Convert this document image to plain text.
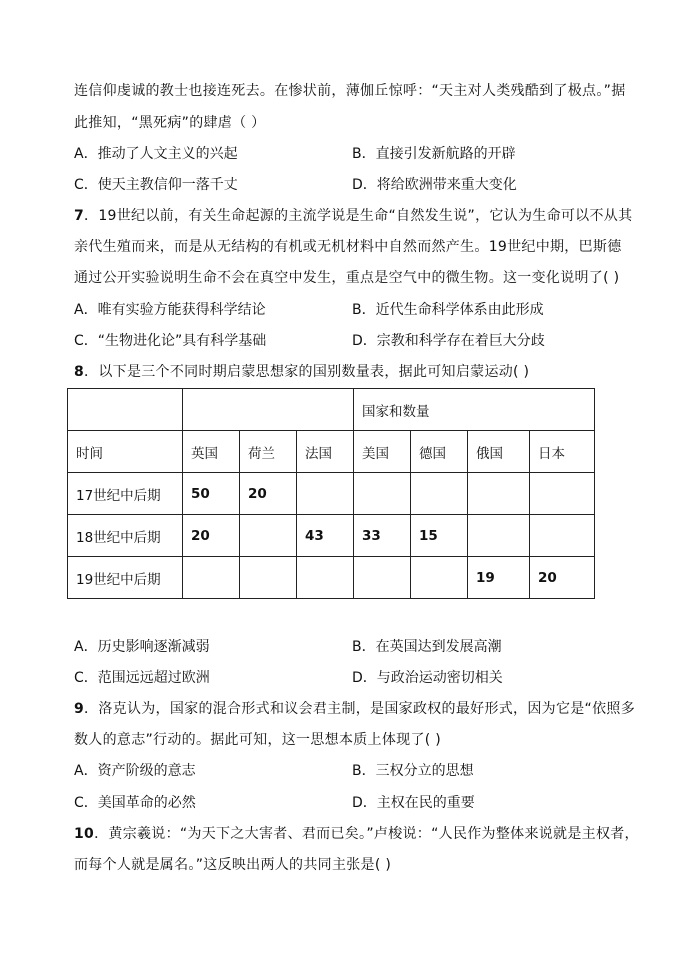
连信仰虔诚的教士也接连死去。在惨状前，薄伽丘惊呼：“天主对人类残酷到了极点。”据
此推知，“黑死病”的肆虐（ ）
A．推动了人文主义的兴起	B．直接引发新航路的开辟
C．使天主教信仰一落千丈	D．将给欧洲带来重大变化
7．19世纪以前，有关生命起源的主流学说是生命“自然发生说”，它认为生命可以不从其
亲代生殖而来，而是从无结构的有机或无机材料中自然而然产生。19世纪中期，巴斯德
通过公开实验说明生命不会在真空中发生，重点是空气中的微生物。这一变化说明了( )
A．唯有实验方能获得科学结论	B．近代生命科学体系由此形成
C．“生物进化论”具有科学基础	D．宗教和科学存在着巨大分歧
8．以下是三个不同时期启蒙思想家的国别数量表，据此可知启蒙运动( )
				国家和数量			
时间	英国	荷兰	法国	美国	德国	俄国	日本
17世纪中后期	50	20					
18世纪中后期	20		43	33	15		
19世纪中后期						19	20
A．历史影响逐渐减弱	B．在英国达到发展高潮
C．范围远远超过欧洲	D．与政治运动密切相关
9．洛克认为，国家的混合形式和议会君主制，是国家政权的最好形式，因为它是“依照多
数人的意志”行动的。据此可知，这一思想本质上体现了( )
A．资产阶级的意志	B．三权分立的思想
C．美国革命的必然	D．主权在民的重要
10．黄宗羲说：“为天下之大害者、君而已矣。”卢梭说：“人民作为整体来说就是主权者，
而每个人就是属名。”这反映出两人的共同主张是( )
